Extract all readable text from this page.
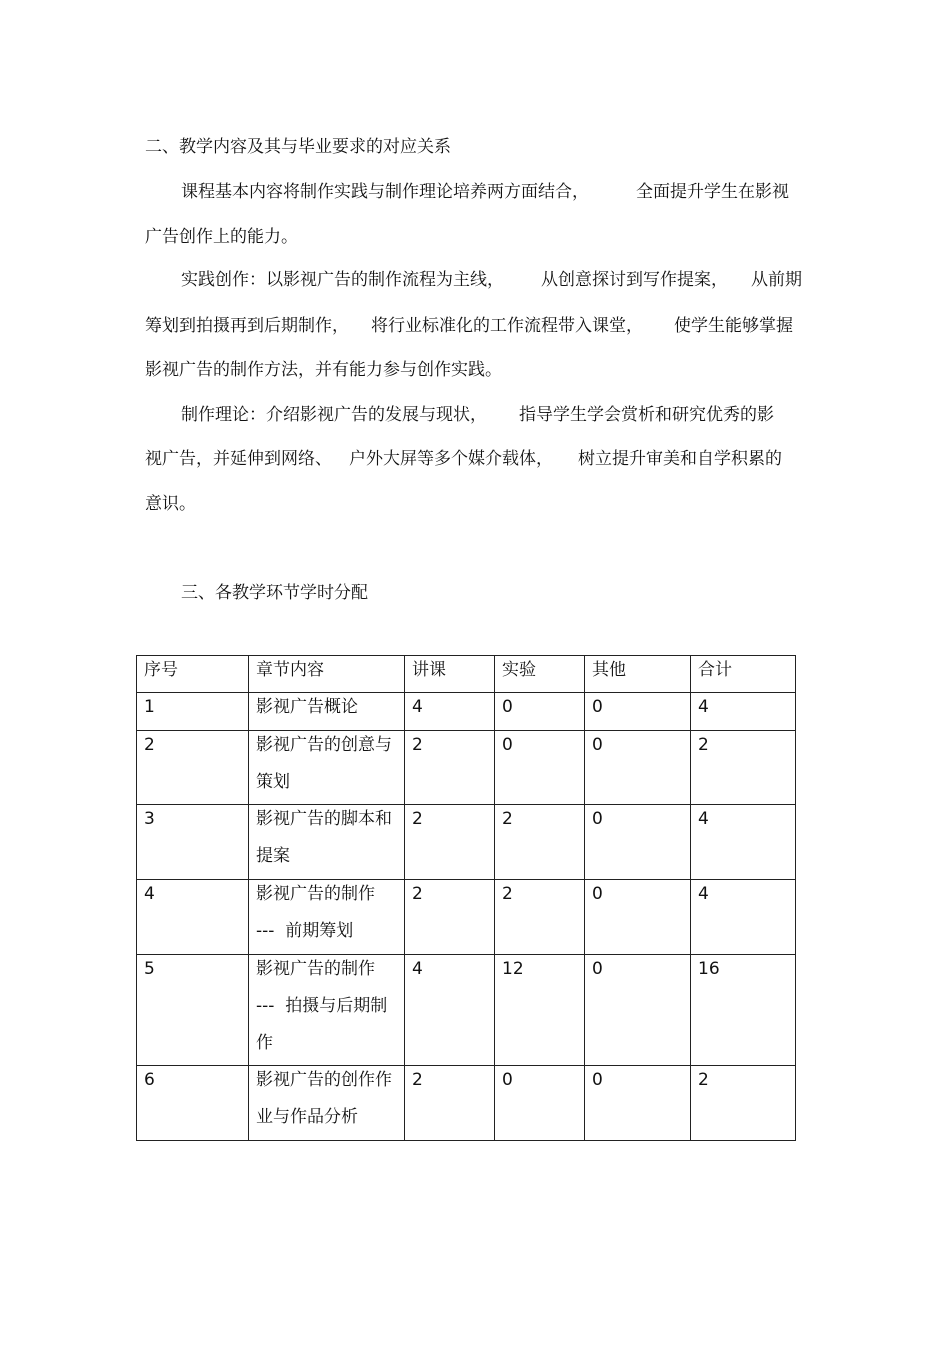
二、教学内容及其与毕业要求的对应关系
课程基本内容将制作实践与制作理论培养两方面结合，	全面提升学生在影视
广告创作上的能力。
实践创作：以影视广告的制作流程为主线， 从创意探讨到写作提案， 从前期
筹划到拍摄再到后期制作， 将行业标准化的工作流程带入课堂， 使学生能够掌握
影视广告的制作方法，并有能力参与创作实践。
制作理论：介绍影视广告的发展与现状， 指导学生学会赏析和研究优秀的影
视广告，并延伸到网络、 户外大屏等多个媒介载体， 树立提升审美和自学积累的
意识。
三、各教学环节学时分配
序号	章节内容	讲课	实验	其他	合计

1	影视广告概论	4	0	0	4

2	影视广告的创意与策划	2	0	0	2

3	影视广告的脚本和提案	2	2	0	4

4	影视广告的制作
---  前期筹划	2	2	0	4

5	影视广告的制作
---  拍摄与后期制作	4	12	0	16

6	影视广告的创作作业与作品分析	2	0	0	2
